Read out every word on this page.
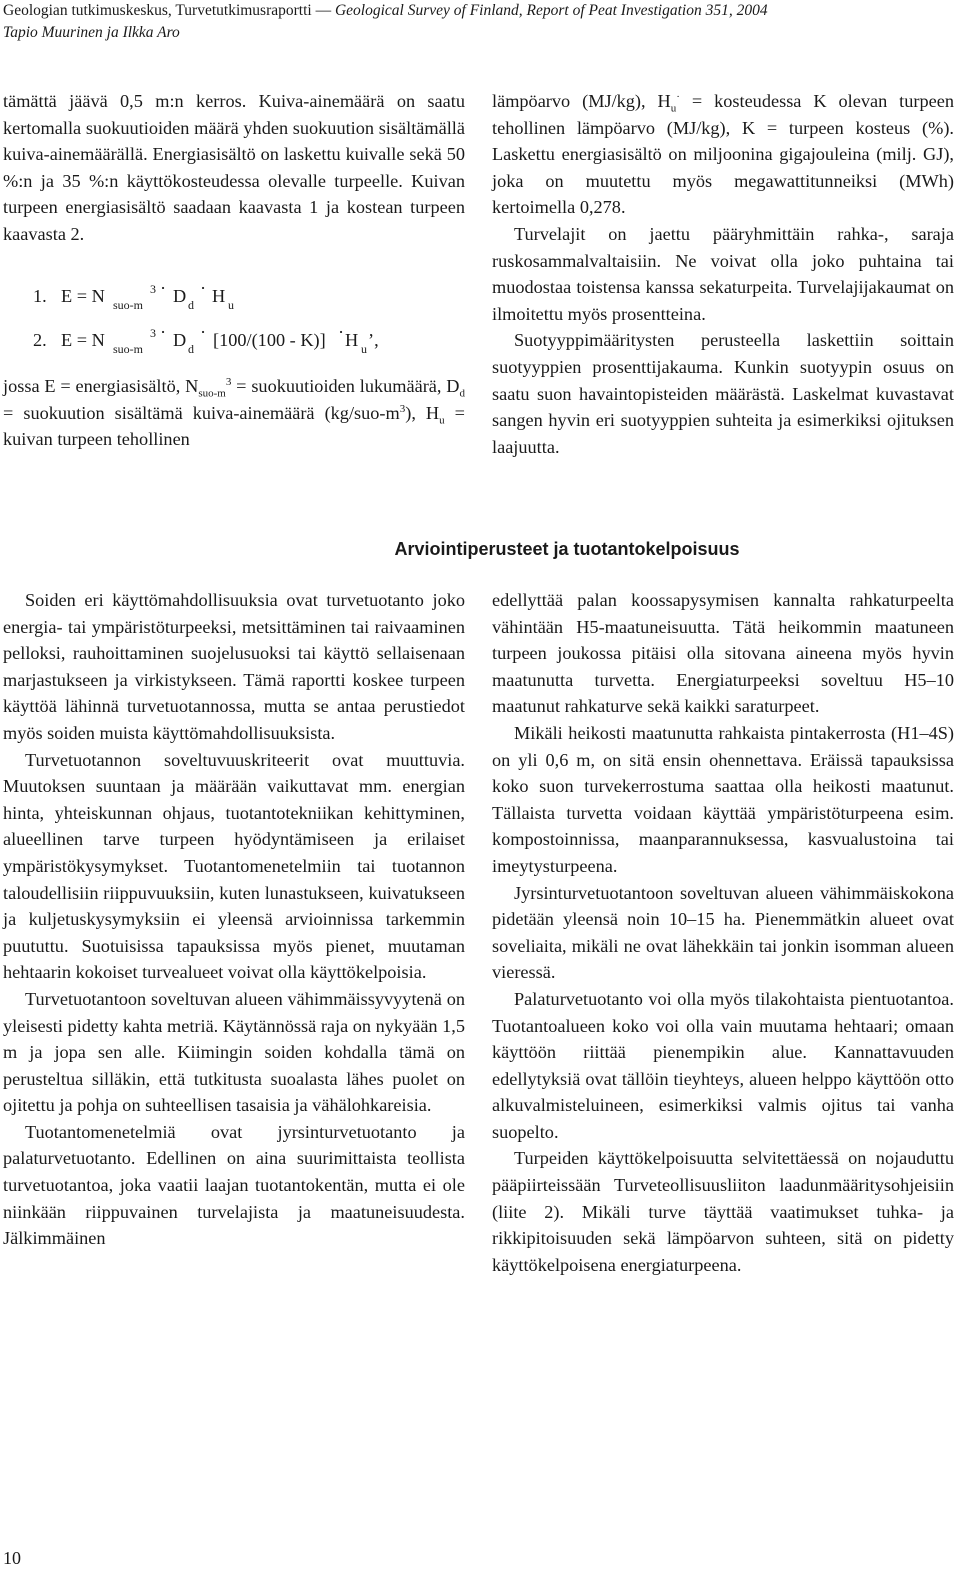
Geologian tutkimuskeskus, Turvetutkimusraportti — Geological Survey of Finland, Report of Peat Investigation 351, 2004
Tapio Muurinen ja Ilkka Aro

tämättä jäävä 0,5 m:n kerros. Kuiva-ainemäärä on saatu kertomalla suokuutioiden määrä yhden suokuution sisältämällä kuiva-ainemäärällä. Energiasisältö on laskettu kuivalle sekä 50 %:n ja 35 %:n käyttökosteudessa olevalle turpeelle. Kuivan turpeen energiasisältö saadaan kaavasta 1 ja kostean turpeen kaavasta 2.

1. E = N suo-m
3 · D d
· H u
2. E = N suo-m
3 · D d
· [100/(100 - K)] · H u ’,

jossa E = energiasisältö, $N_{suo-m}^3$ = suokuutioiden lukumäärä, $D_d$ = suokuution sisältämä kuiva-ainemäärä $(kg/suo-m^3)$, $H_u$ = kuivan turpeen tehollinen

lämpöarvo (MJ/kg), $H_u^\cdot$ = kosteudessa K olevan turpeen tehollinen lämpöarvo (MJ/kg), K = turpeen kosteus (%). Laskettu energiasisältö on miljoonina gigajouleina (milj. GJ), joka on muutettu myös megawattitunneiksi (MWh) kertoimella 0,278.

Turvelajit on jaettu pääryhmittäin rahka-, saraja ruskosammalvaltaisiin. Ne voivat olla joko puhtaina tai muodostaa toistensa kanssa sekaturpeita. Turvelajijakaumat on ilmoitettu myös prosentteina.

Suotyyppimääritysten perusteella laskettiin soittain suotyyppien prosenttijakauma. Kunkin suotyypin osuus on saatu suon havaintopisteiden määrästä. Laskelmat kuvastavat sangen hyvin eri suotyyppien suhteita ja esimerkiksi ojituksen laajuutta.

Arviointiperusteet ja tuotantokelpoisuus

Soiden eri käyttömahdollisuuksia ovat turvetuotanto joko energia- tai ympäristöturpeeksi, metsittäminen tai raivaaminen pelloksi, rauhoittaminen suojelusuoksi tai käyttö sellaisenaan marjastukseen ja virkistykseen. Tämä raportti koskee turpeen käyttöä lähinnä turvetuotannossa, mutta se antaa perustiedot myös soiden muista käyttömahdollisuuksista.

Turvetuotannon soveltuvuuskriteerit ovat muuttuvia. Muutoksen suuntaan ja määrään vaikuttavat mm. energian hinta, yhteiskunnan ohjaus, tuotantotekniikan kehittyminen, alueellinen tarve turpeen hyödyntämiseen ja erilaiset ympäristökysymykset. Tuotantomenetelmiin tai tuotannon taloudellisiin riippuvuuksiin, kuten lunastukseen, kuivatukseen ja kuljetuskysymyksiin ei yleensä arvioinnissa tarkemmin puututtu. Suotuisissa tapauksissa myös pienet, muutaman hehtaarin kokoiset turvealueet voivat olla käyttökelpoisia.

Turvetuotantoon soveltuvan alueen vähimmäissyvyytenä on yleisesti pidetty kahta metriä. Käytännössä raja on nykyään 1,5 m ja jopa sen alle. Kiimingin soiden kohdalla tämä on perusteltua silläkin, että tutkitusta suoalasta lähes puolet on ojitettu ja pohja on suhteellisen tasaisia ja vähälohkareisia.

Tuotantomenetelmiä ovat jyrsinturvetuotanto ja palaturvetuotanto. Edellinen on aina suurimittaista teollista turvetuotantoa, joka vaatii laajan tuotantokentän, mutta ei ole niinkään riippuvainen turvelajista ja maatuneisuudesta. Jälkimmäinen

edellyttää palan koossapysymisen kannalta rahkaturpeelta vähintään H5-maatuneisuutta. Tätä heikommin maatuneen turpeen joukossa pitäisi olla sitovana aineena myös hyvin maatunutta turvetta. Energiaturpeeksi soveltuu H5–10 maatunut rahkaturve sekä kaikki saraturpeet.

Mikäli heikosti maatunutta rahkaista pintakerrosta (H1–4S) on yli 0,6 m, on sitä ensin ohennettava. Eräissä tapauksissa koko suon turvekerrostuma saattaa olla heikosti maatunut. Tällaista turvetta voidaan käyttää ympäristöturpeena esim. kompostoinnissa, maanparannuksessa, kasvualustoina tai imeytysturpeena.

Jyrsinturvetuotantoon soveltuvan alueen vähimmäiskokona pidetään yleensä noin 10–15 ha. Pienemmätkin alueet ovat soveliaita, mikäli ne ovat lähekkäin tai jonkin isomman alueen vieressä.

Palaturvetuotanto voi olla myös tilakohtaista pientuotantoa. Tuotantoalueen koko voi olla vain muutama hehtaari; omaan käyttöön riittää pienempikin alue. Kannattavuuden edellytyksiä ovat tällöin tieyhteys, alueen helppo käyttöön otto alkuvalmisteluineen, esimerkiksi valmis ojitus tai vanha suopelto.

Turpeiden käyttökelpoisuutta selvitettäessä on nojauduttu pääpiirteissään Turveteollisuusliiton laadunmääritysohjeisiin (liite 2). Mikäli turve täyttää vaatimukset tuhka- ja rikkipitoisuuden sekä lämpöarvon suhteen, sitä on pidetty käyttökelpoisena energiaturpeena.

10
